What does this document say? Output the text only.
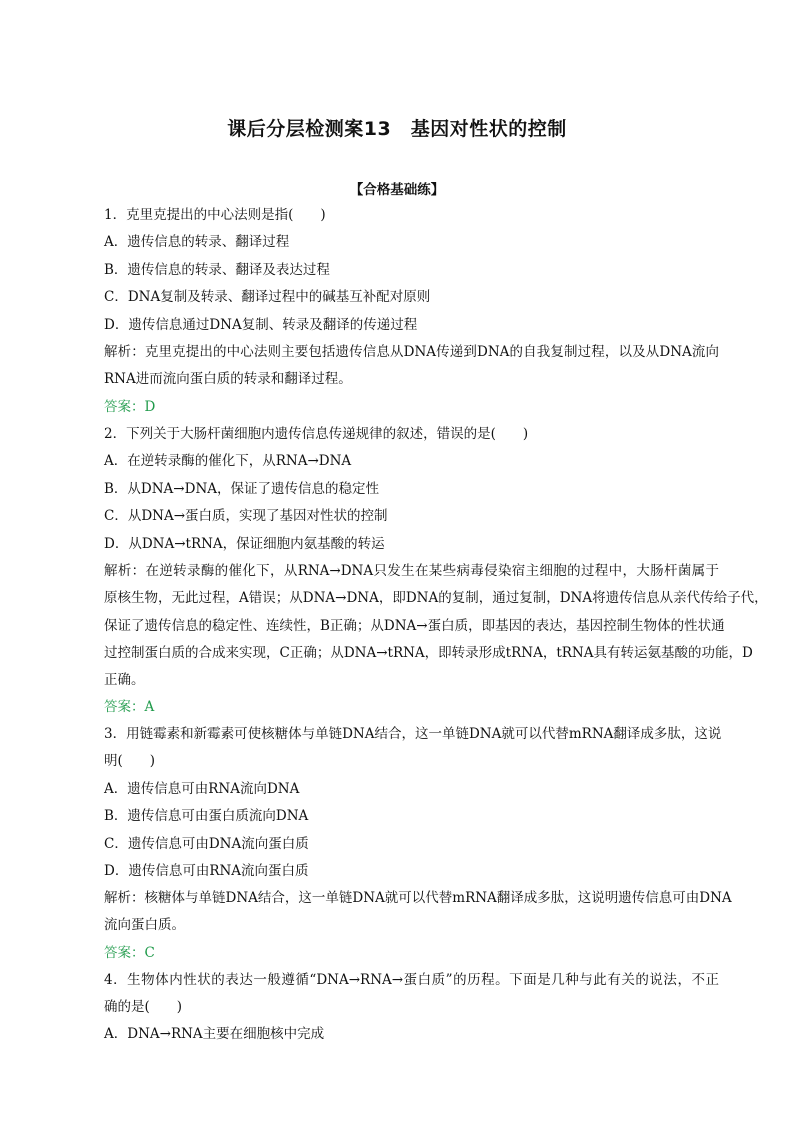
课后分层检测案13　基因对性状的控制
【合格基础练】
1．克里克提出的中心法则是指(　　)
A．遗传信息的转录、翻译过程
B．遗传信息的转录、翻译及表达过程
C．DNA复制及转录、翻译过程中的碱基互补配对原则
D．遗传信息通过DNA复制、转录及翻译的传递过程
解析：克里克提出的中心法则主要包括遗传信息从DNA传递到DNA的自我复制过程，以及从DNA流向
RNA进而流向蛋白质的转录和翻译过程。
答案：D
2．下列关于大肠杆菌细胞内遗传信息传递规律的叙述，错误的是(　　)
A．在逆转录酶的催化下，从RNA→DNA
B．从DNA→DNA，保证了遗传信息的稳定性
C．从DNA→蛋白质，实现了基因对性状的控制
D．从DNA→tRNA，保证细胞内氨基酸的转运
解析：在逆转录酶的催化下，从RNA→DNA只发生在某些病毒侵染宿主细胞的过程中，大肠杆菌属于
原核生物，无此过程，A错误；从DNA→DNA，即DNA的复制，通过复制，DNA将遗传信息从亲代传给子代，
保证了遗传信息的稳定性、连续性，B正确；从DNA→蛋白质，即基因的表达，基因控制生物体的性状通
过控制蛋白质的合成来实现，C正确；从DNA→tRNA，即转录形成tRNA，tRNA具有转运氨基酸的功能，D
正确。
答案：A
3．用链霉素和新霉素可使核糖体与单链DNA结合，这一单链DNA就可以代替mRNA翻译成多肽，这说
明(　　)
A．遗传信息可由RNA流向DNA
B．遗传信息可由蛋白质流向DNA
C．遗传信息可由DNA流向蛋白质
D．遗传信息可由RNA流向蛋白质
解析：核糖体与单链DNA结合，这一单链DNA就可以代替mRNA翻译成多肽，这说明遗传信息可由DNA
流向蛋白质。
答案：C
4．生物体内性状的表达一般遵循“DNA→RNA→蛋白质”的历程。下面是几种与此有关的说法，不正
确的是(　　)
A．DNA→RNA主要在细胞核中完成
